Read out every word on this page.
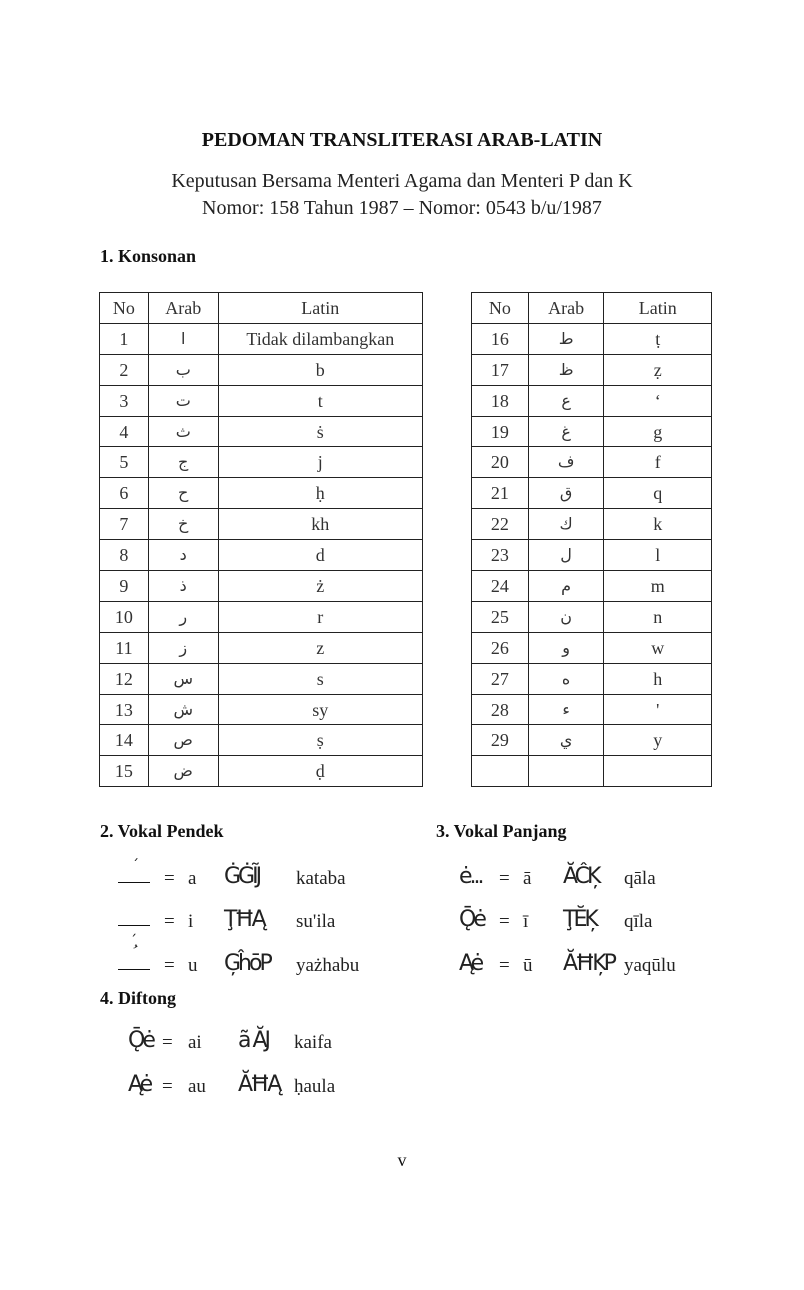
PEDOMAN TRANSLITERASI ARAB-LATIN
Keputusan Bersama Menteri Agama dan Menteri P dan K
Nomor: 158 Tahun 1987 – Nomor: 0543 b/u/1987
1. Konsonan
No	Arab	Latin
1	ا	Tidak dilambangkan
2	ب	b
3	ت	t
4	ث	ṡ
5	ج	j
6	ح	ḥ
7	خ	kh
8	د	d
9	ذ	ż
10	ر	r
11	ز	z
12	س	s
13	ش	sy
14	ص	ṣ
15	ض	ḍ
No	Arab	Latin
16	ط	ṭ
17	ظ	ẓ
18	ع	‘
19	غ	g
20	ف	f
21	ق	q
22	ك	k
23	ل	l
24	م	m
25	ن	n
26	و	w
27	ه	h
28	ء	'
29	ي	y

2. Vokal Pendek	3. Vokal Panjang
´
= a ĠĠĨJ kataba
ˏ = i ŢĦĄ su'ila
= u ĢĥōP yażhabu
ė... = ā ĂĈĶ qāla
Ǭė = ī ŢĔĶ qīla
Ąė = ū ĂĦĶP yaqūlu
4. Diftong
Ǭė = ai ã ĂJ kaifa
Ąė = au ĂĦĄ ḥaula
v
